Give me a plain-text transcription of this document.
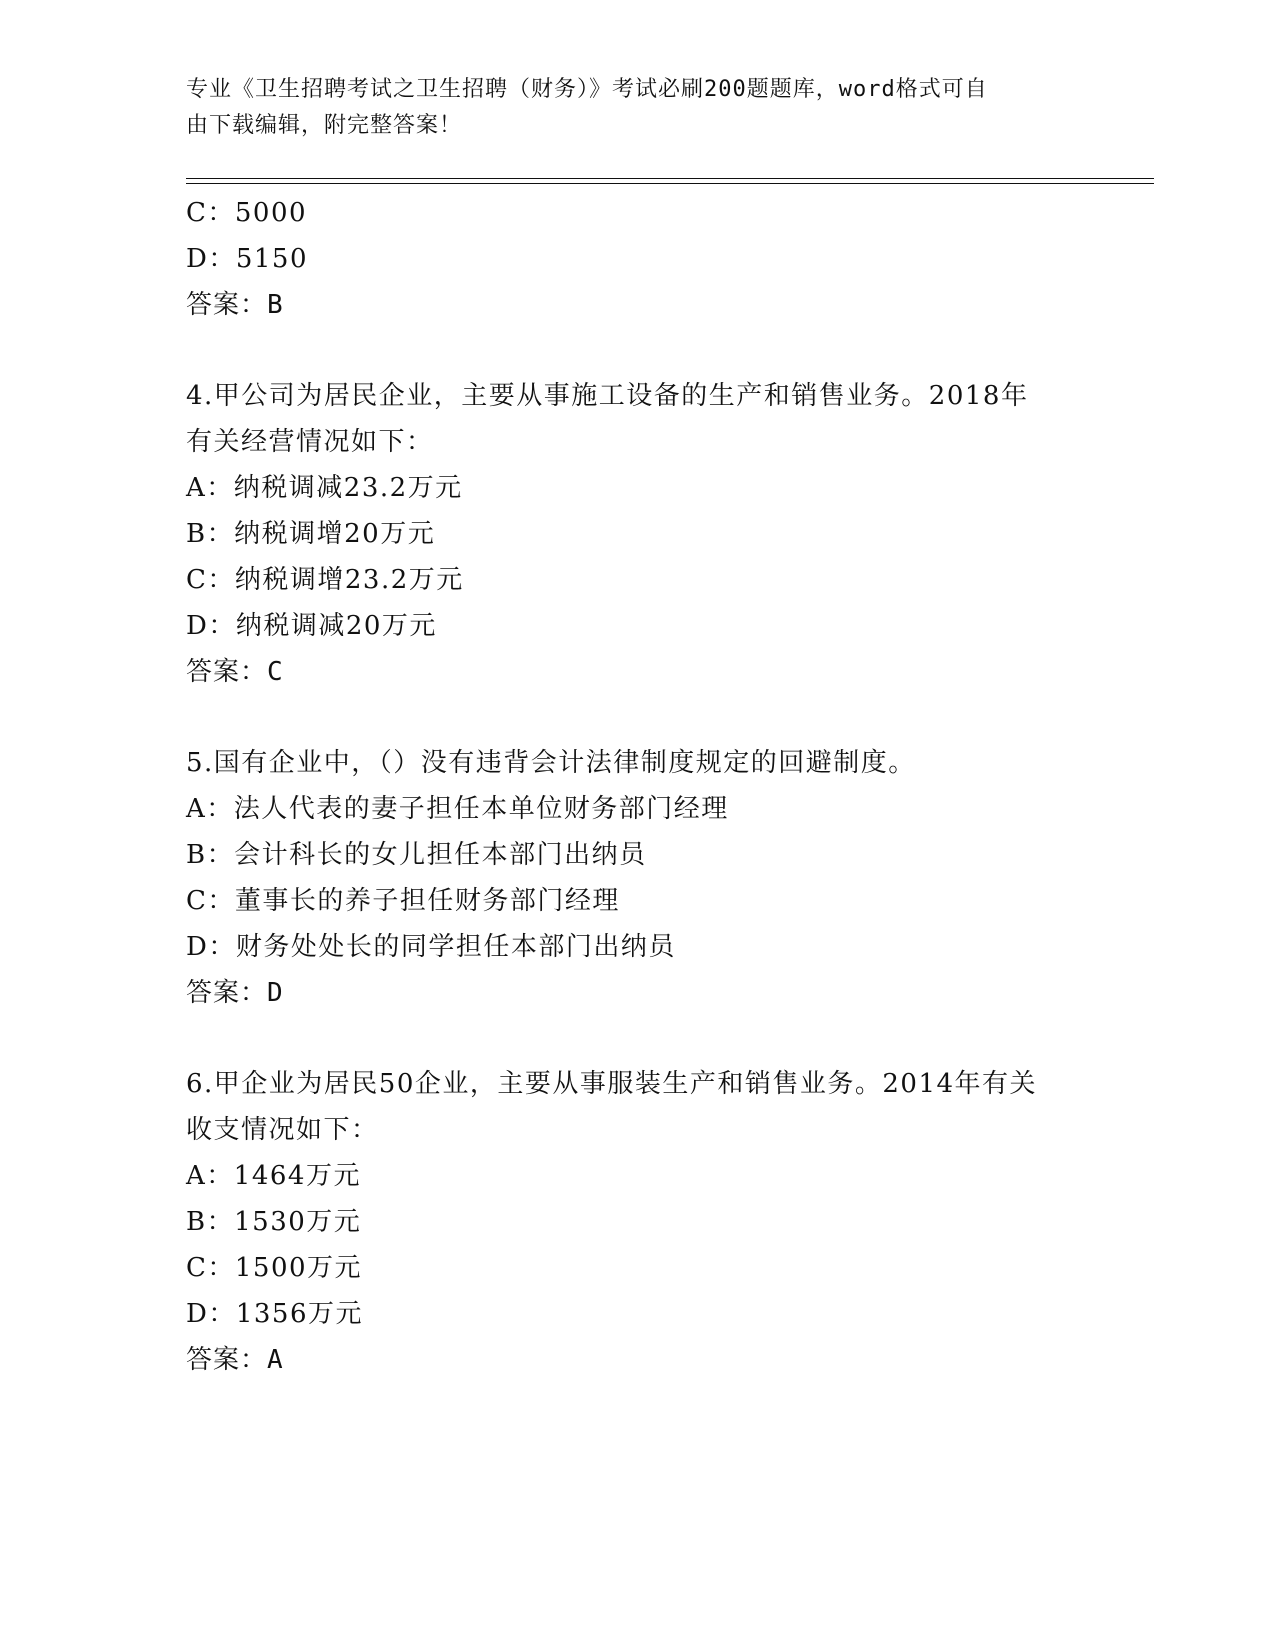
专业《卫生招聘考试之卫生招聘（财务）》考试必刷200题题库，word格式可自
由下载编辑，附完整答案！
C：5000
D：5150
答案：B
4.甲公司为居民企业，主要从事施工设备的生产和销售业务。2018年
有关经营情况如下：
A：纳税调减23.2万元
B：纳税调增20万元
C：纳税调增23.2万元
D：纳税调减20万元
答案：C
5.国有企业中，（）没有违背会计法律制度规定的回避制度。
A：法人代表的妻子担任本单位财务部门经理
B：会计科长的女儿担任本部门出纳员
C：董事长的养子担任财务部门经理
D：财务处处长的同学担任本部门出纳员
答案：D
6.甲企业为居民50企业，主要从事服装生产和销售业务。2014年有关
收支情况如下：
A：1464万元
B：1530万元
C：1500万元
D：1356万元
答案：A
